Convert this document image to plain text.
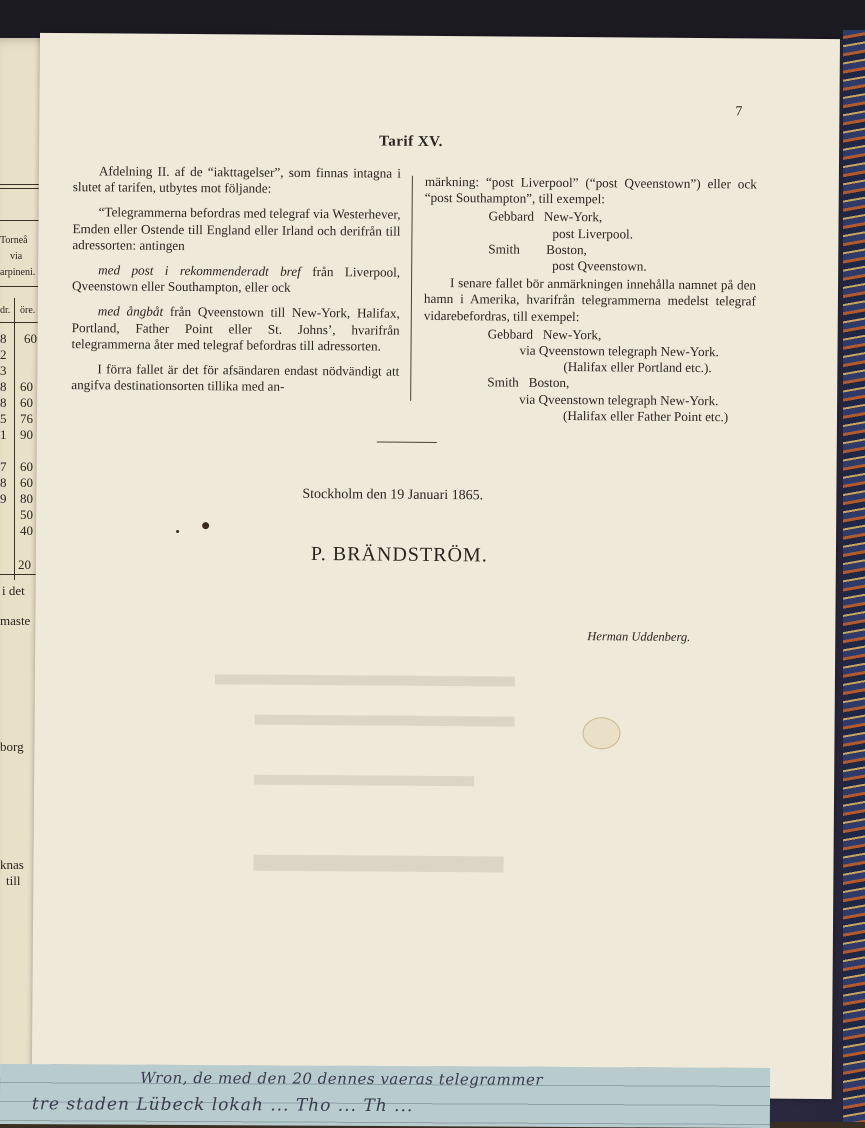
Torneå
via
arpineni.
dr. öre.
8 60
2
3
8 60
8 60
5 76
1 90
7 60
8 60
9 80
50
40
20
i det
maste
borg
knas
till
7
Tarif XV.

Afdelning II. af de “iakttagelser”, som finnas intagna i slutet af tarifen, utbytes mot följande:

“Telegrammerna befordras med telegraf via Westerhever, Emden eller Ostende till England eller Irland och derifrån till adressorten: antingen

med post i rekommenderadt bref från Liverpool, Qveenstown eller Southampton, eller ock

med ångbåt från Qveenstown till New-York, Halifax, Portland, Father Point eller St. Johns’, hvarifrån telegrammerna åter med telegraf befordras till adressorten.

I förra fallet är det för afsändaren endast nödvändigt att angifva destinationsorten tillika med an-

märkning: “post Liverpool” (“post Qveenstown”) eller ock “post Southampton”, till exempel:

Gebbard New-York,
post Liverpool.
Smith Boston,
post Qveenstown.

I senare fallet bör anmärkningen innehålla namnet på den hamn i Amerika, hvarifrån telegrammerna medelst telegraf vidarebefordras, till exempel:

Gebbard New-York,
via Qveenstown telegraph New-York.
(Halifax eller Portland etc.).
Smith Boston,
via Qveenstown telegraph New-York.
(Halifax eller Father Point etc.)
Stockholm den 19 Januari 1865.
P. BRÄNDSTRÖM.
Herman Uddenberg.
Wron, de med den 20 dennes vaeras telegrammer
tre staden Lübeck lokah ... Tho ... Th ...
